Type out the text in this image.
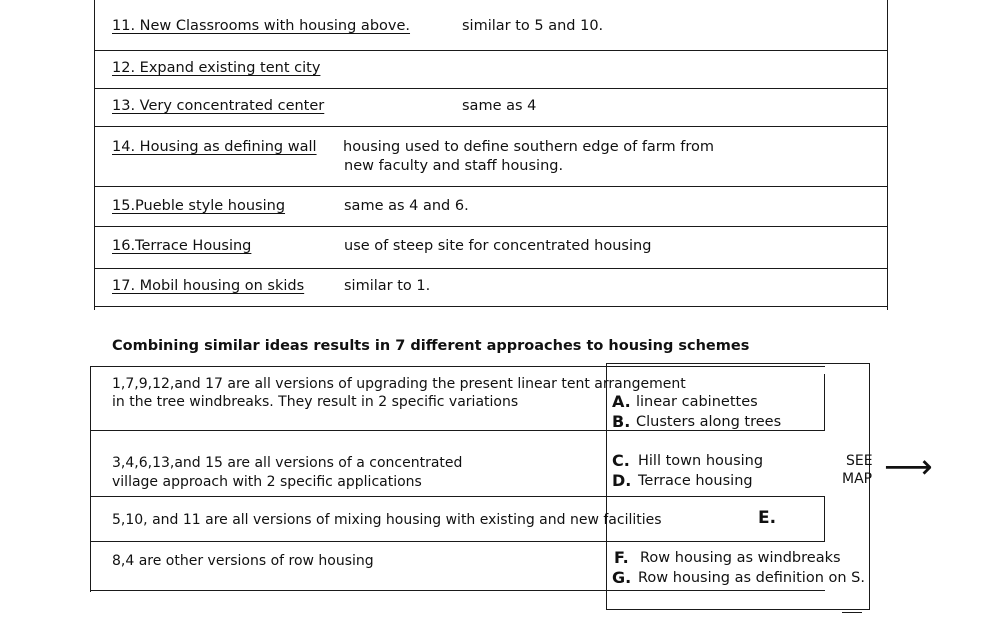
11. New Classrooms with housing above.	similar to 5 and 10.
12. Expand existing tent city
13. Very concentrated center	same as 4
14. Housing as defining wall housing used to define southern edge of farm from
new faculty and staff housing.
15.Pueble style housing	same as 4 and 6.
16.Terrace Housing	use of steep site for concentrated housing
17. Mobil housing on skids	similar to 1.
Combining similar ideas results in 7 different approaches to housing schemes
1,7,9,12,and 17 are all versions of upgrading the present linear tent arrangement
in the tree windbreaks. They result in 2 specific variations	A. linear cabinettes
B. Clusters along trees
3,4,6,13,and 15 are all versions of a concentrated
village approach with 2 specific applications
C. Hill town housing
D. Terrace housing
5,10, and 11 are all versions of mixing housing with existing and new facilities	E.
8,4 are other versions of row housing	F. Row housing as windbreaks
G. Row housing as definition on S.
SEE
MAP ⟶
